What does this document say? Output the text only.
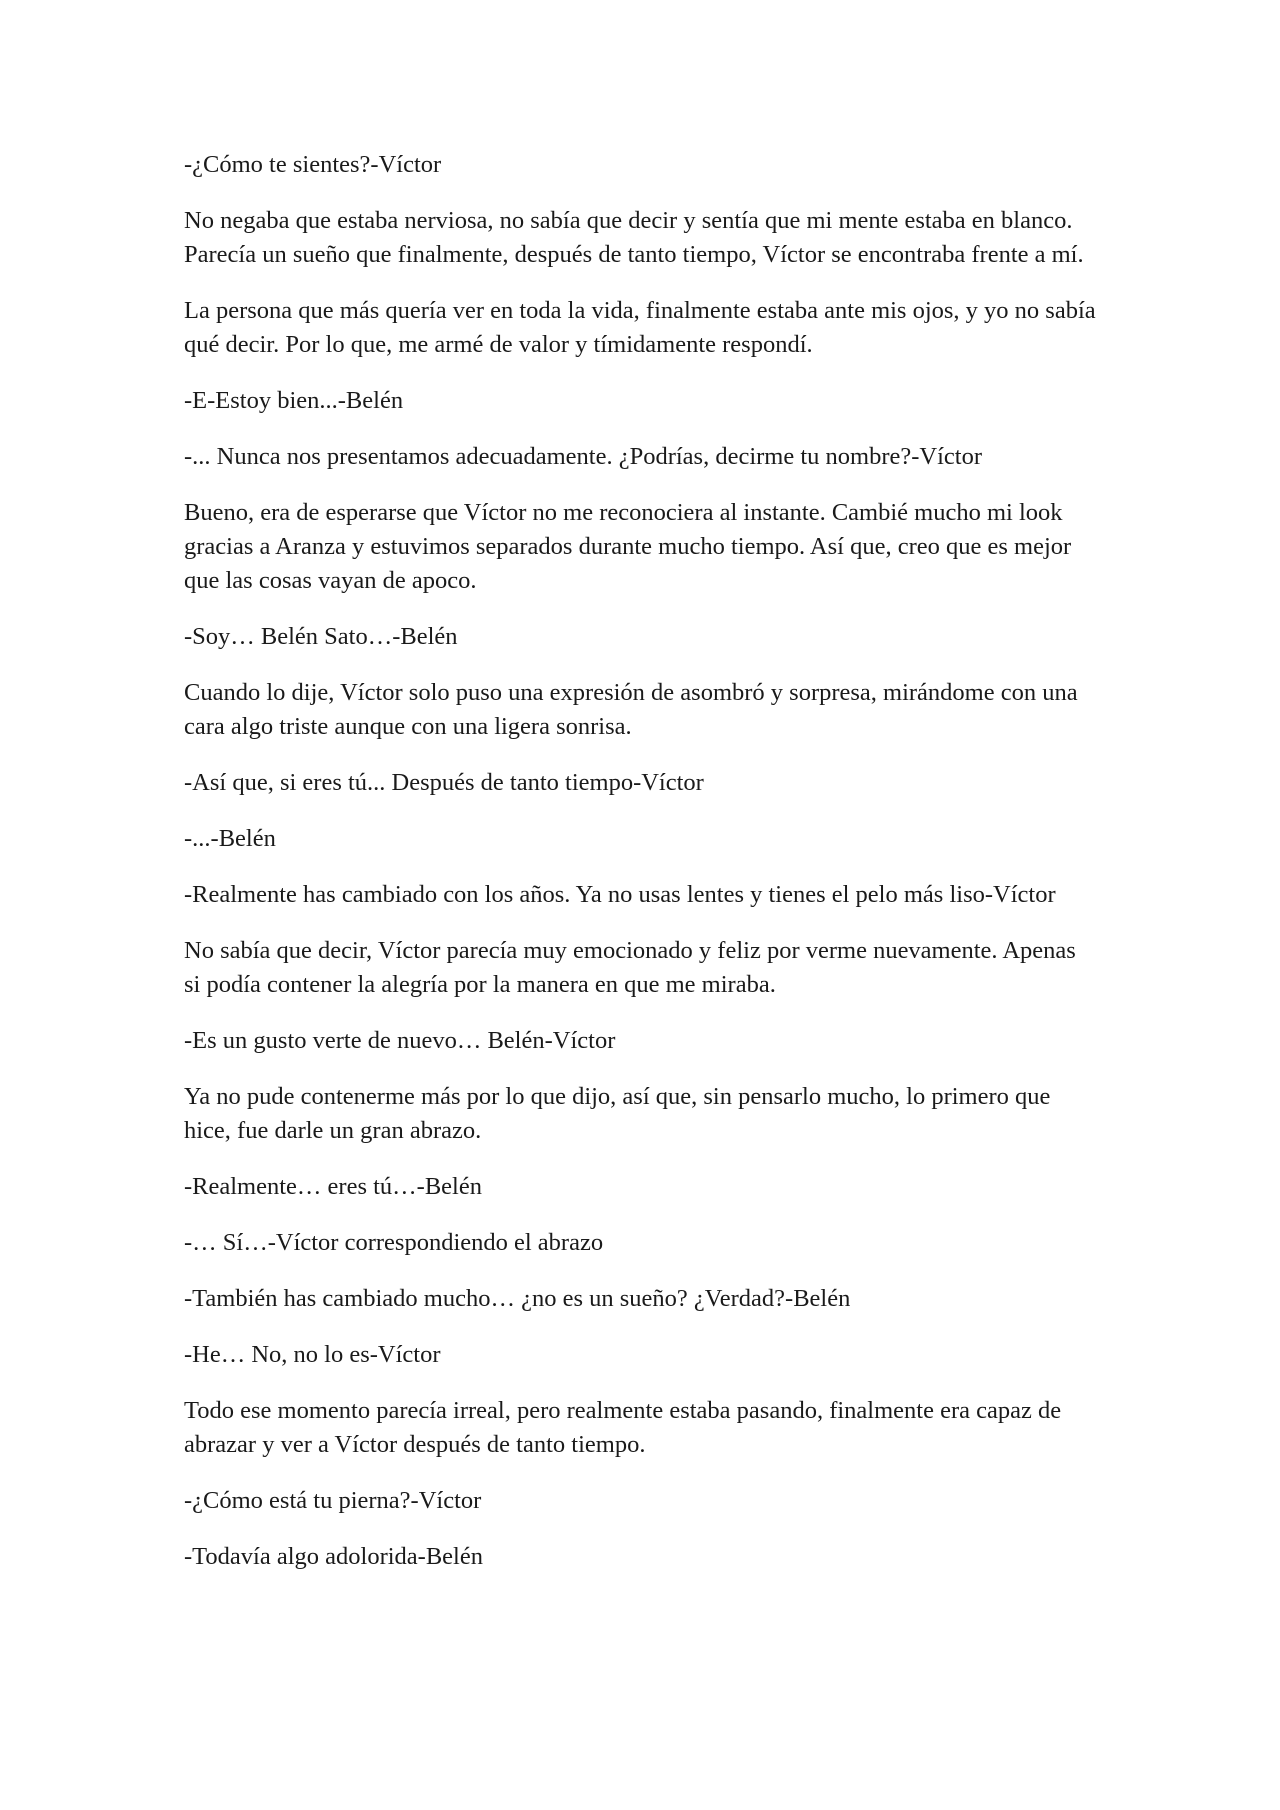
-¿Cómo te sientes?-Víctor

No negaba que estaba nerviosa, no sabía que decir y sentía que mi mente estaba en blanco. Parecía un sueño que finalmente, después de tanto tiempo, Víctor se encontraba frente a mí.

La persona que más quería ver en toda la vida, finalmente estaba ante mis ojos, y yo no sabía qué decir. Por lo que, me armé de valor y tímidamente respondí.

-E-Estoy bien...-Belén

-... Nunca nos presentamos adecuadamente. ¿Podrías, decirme tu nombre?-Víctor

Bueno, era de esperarse que Víctor no me reconociera al instante. Cambié mucho mi look gracias a Aranza y estuvimos separados durante mucho tiempo. Así que, creo que es mejor que las cosas vayan de apoco.

-Soy… Belén Sato…-Belén

Cuando lo dije, Víctor solo puso una expresión de asombró y sorpresa, mirándome con una cara algo triste aunque con una ligera sonrisa.

-Así que, si eres tú... Después de tanto tiempo-Víctor

-...-Belén

-Realmente has cambiado con los años. Ya no usas lentes y tienes el pelo más liso-Víctor

No sabía que decir, Víctor parecía muy emocionado y feliz por verme nuevamente. Apenas si podía contener la alegría por la manera en que me miraba.

-Es un gusto verte de nuevo… Belén-Víctor

Ya no pude contenerme más por lo que dijo, así que, sin pensarlo mucho, lo primero que hice, fue darle un gran abrazo.

-Realmente… eres tú…-Belén

-… Sí…-Víctor correspondiendo el abrazo

-También has cambiado mucho… ¿no es un sueño? ¿Verdad?-Belén

-He… No, no lo es-Víctor

Todo ese momento parecía irreal, pero realmente estaba pasando, finalmente era capaz de abrazar y ver a Víctor después de tanto tiempo.

-¿Cómo está tu pierna?-Víctor

-Todavía algo adolorida-Belén
